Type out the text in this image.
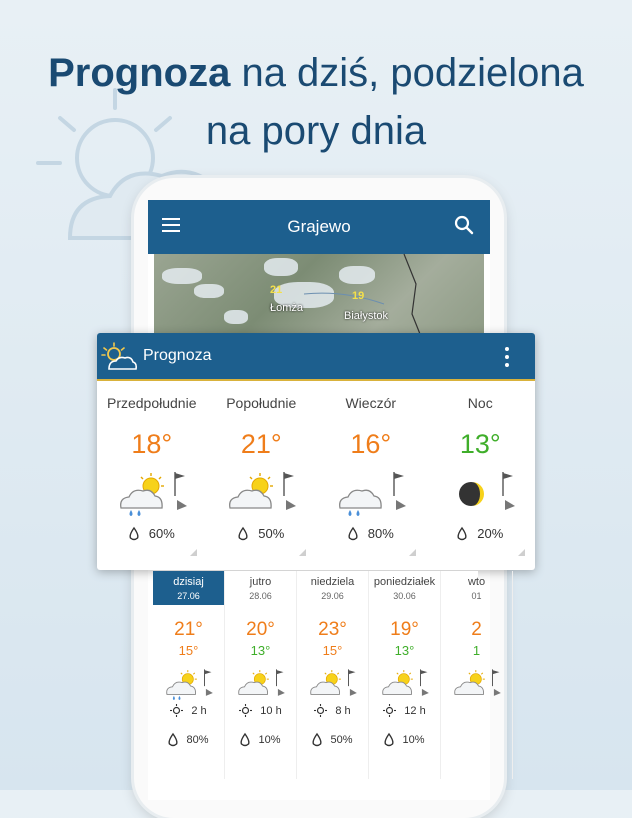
Prognoza na dziś, podzielona
na pory dnia
Grajewo
21
Łomża
19
Białystok
Prognoza
Przedpołudnie
18°
60%
Popołudnie
21°
50%
Wieczór
16°
80%
Noc
13°
20%
dzisiaj
27.06
21°
15°
2 h
80%
jutro
28.06
20°
13°
10 h
10%
niedziela
29.06
23°
15°
8 h
50%
poniedziałek
30.06
19°
13°
12 h
10%
wto
01
2
1
